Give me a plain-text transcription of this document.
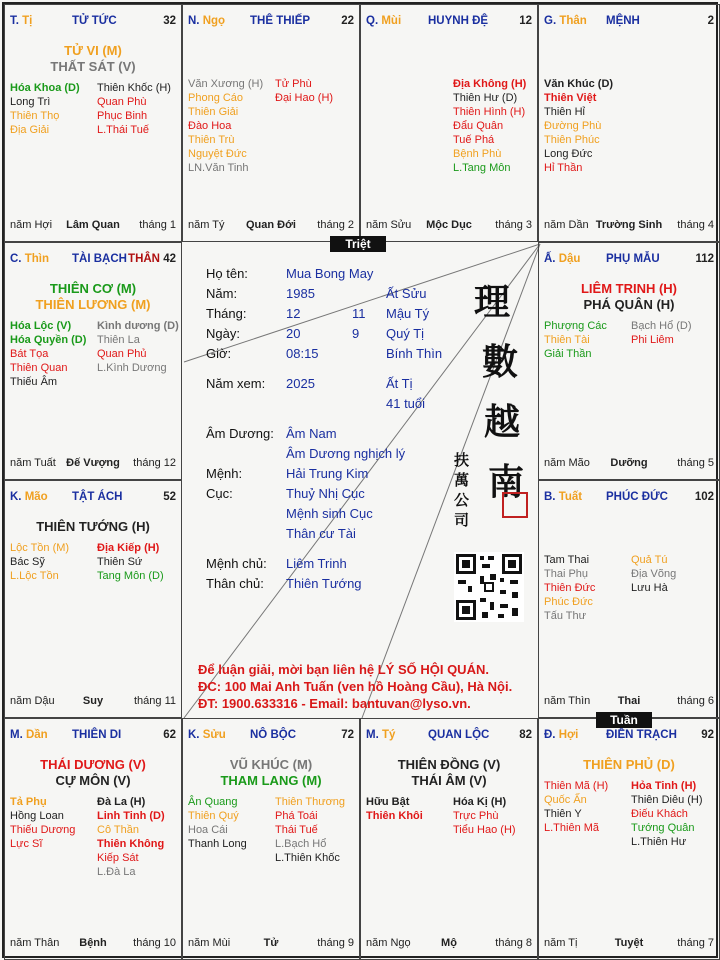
T. Tị	TỬ TỨC	32
TỬ VI (M)
THẤT SÁT (V)
Hóa Khoa (D)
Long Trì
Thiên Thọ
Địa Giải
Thiên Khốc (H)
Quan Phù
Phục Binh
L.Thái Tuế
năm Hợi	Lâm Quan	tháng 1
N. Ngọ THÊ THIẾP	22
Văn Xương (H)
Phong Cáo
Thiên Giải
Đào Hoa
Thiên Trù
Nguyệt Đức
LN.Văn Tinh
Tử Phù
Đại Hao (H)
năm Tý	Quan Đới	tháng 2
Q. Mùi HUYNH ĐỆ	12
Địa Không (H)
Thiên Hư (D)
Thiên Hình (H)
Đẩu Quân
Tuế Phá
Bệnh Phù
L.Tang Môn
năm Sửu	Mộc Dục	tháng 3
G. Thân MỆNH	2
Văn Khúc (D)
Thiên Việt
Thiên Hỉ
Đường Phù
Thiên Phúc
Long Đức
Hỉ Thần
năm Dần Trường Sinh	tháng 4
C. Thìn TÀI BẠCH THÂN 42
THIÊN CƠ (M)
THIÊN LƯƠNG (M)
Hóa Lộc (V)
Hóa Quyền (D)
Bát Tọa
Thiên Quan
Thiếu Âm
Kình dương (D)
Thiên La
Quan Phủ
L.Kình Dương
năm Tuất Đế Vượng	tháng 12
Ấ. Dậu PHỤ MẪU	112
LIÊM TRINH (H)
PHÁ QUÂN (H)
Phượng Các
Thiên Tài
Giải Thần
Bạch Hổ (D)
Phi Liêm
năm Mão	Dưỡng	tháng 5
K. Mão TẬT ÁCH	52
THIÊN TƯỚNG (H)
Lộc Tồn (M)
Bác Sỹ
L.Lộc Tồn
Địa Kiếp (H)
Thiên Sứ
Tang Môn (D)
năm Dậu	Suy	tháng 11
B. Tuất PHÚC ĐỨC 102
Tam Thai
Thai Phụ
Thiên Đức
Phúc Đức
Tấu Thư
Quả Tú
Địa Võng
Lưu Hà
năm Thìn	Thai	tháng 6
M. Dần THIÊN DI	62
THÁI DƯƠNG (V)
CỰ MÔN (V)
Tả Phụ
Hồng Loan
Thiếu Dương
Lực Sĩ
Đà La (H)
Linh Tinh (D)
Cô Thần
Thiên Không
Kiếp Sát
L.Đà La
năm Thân	Bệnh	tháng 10
K. Sửu NÔ BỘC	72
VŨ KHÚC (M)
THAM LANG (M)
Ân Quang
Thiên Quý
Hoa Cái
Thanh Long
Thiên Thương
Phá Toái
Thái Tuế
L.Bạch Hổ
L.Thiên Khốc
năm Mùi	Tử	tháng 9
M. Tý	QUAN LỘC	82
THIÊN ĐỒNG (V)
THÁI ÂM (V)
Hữu Bật
Thiên Khôi
Hóa Kị (H)
Trực Phù
Tiểu Hao (H)
năm Ngọ	Mộ	tháng 8
Đ. Hợi ĐIỀN TRẠCH 92
THIÊN PHỦ (D)
Thiên Mã (H)
Quốc Ấn
Thiên Y
L.Thiên Mã
Hỏa Tinh (H)
Thiên Diêu (H)
Điếu Khách
Tướng Quân
L.Thiên Hư
năm Tị	Tuyệt	tháng 7
Họ tên:	Mua Bong May
Năm:	1985	Ất Sửu
Tháng:	12	11 Mậu Tý
Ngày:	20	9 Quý Tị
Giờ:	08:15	Bính Thìn
Năm xem: 2025	Ất Tị
41 tuổi
Âm Dương: Âm Nam
Âm Dương nghịch lý
Mệnh:	Hải Trung Kim
Cục:	Thuỷ Nhị Cục
Mệnh sinh Cục
Thân cư Tài
Mệnh chủ: Liêm Trinh
Thân chủ: Thiên Tướng
理
數
越
南
扶
萬
公
司
Để luận giải, mời bạn liên hệ LÝ SỐ HỘI QUÁN.
ĐC: 100 Mai Anh Tuấn (ven hồ Hoàng Cầu), Hà Nội.
ĐT: 1900.633316 - Email: bantuvan@lyso.vn.
Triệt
Tuần
